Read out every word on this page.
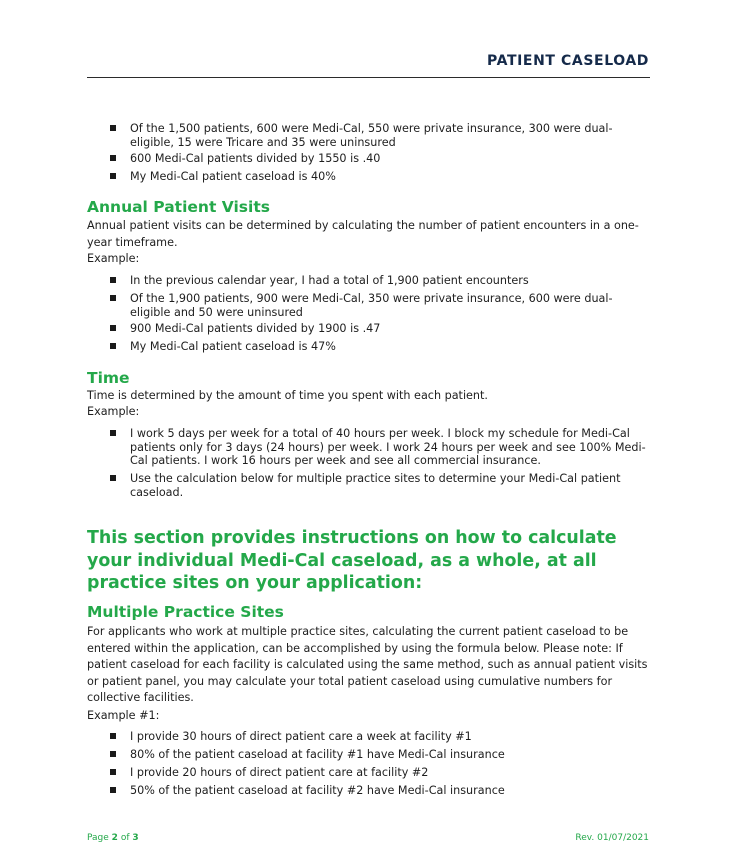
PATIENT CASELOAD
Of the 1,500 patients, 600 were Medi-Cal, 550 were private insurance, 300 were dual-eligible, 15 were Tricare and 35 were uninsured
600 Medi-Cal patients divided by 1550 is .40
My Medi-Cal patient caseload is 40%
Annual Patient Visits
Annual patient visits can be determined by calculating the number of patient encounters in a one-year timeframe.
Example:
In the previous calendar year, I had a total of 1,900 patient encounters
Of the 1,900 patients, 900 were Medi-Cal, 350 were private insurance, 600 were dual-eligible and 50 were uninsured
900 Medi-Cal patients divided by 1900 is .47
My Medi-Cal patient caseload is 47%
Time
Time is determined by the amount of time you spent with each patient.
Example:
I work 5 days per week for a total of 40 hours per week. I block my schedule for Medi-Cal patients only for 3 days (24 hours) per week. I work 24 hours per week and see 100% Medi-Cal patients. I work 16 hours per week and see all commercial insurance.
Use the calculation below for multiple practice sites to determine your Medi-Cal patient caseload.
This section provides instructions on how to calculate your individual Medi-Cal caseload, as a whole, at all practice sites on your application:
Multiple Practice Sites
For applicants who work at multiple practice sites, calculating the current patient caseload to be entered within the application, can be accomplished by using the formula below. Please note: If patient caseload for each facility is calculated using the same method, such as annual patient visits or patient panel, you may calculate your total patient caseload using cumulative numbers for collective facilities.
Example #1:
I provide 30 hours of direct patient care a week at facility #1
80% of the patient caseload at facility #1 have Medi-Cal insurance
I provide 20 hours of direct patient care at facility #2
50% of the patient caseload at facility #2 have Medi-Cal insurance
Page 2 of 3	Rev. 01/07/2021
